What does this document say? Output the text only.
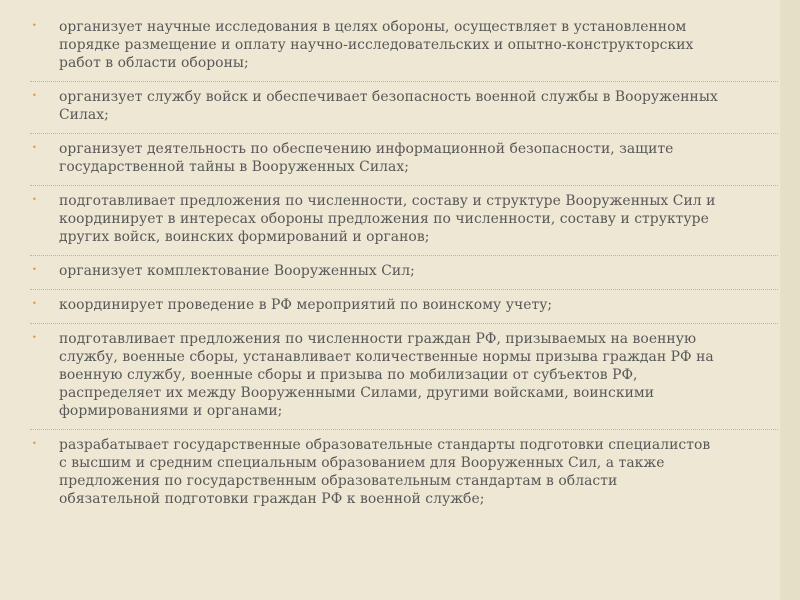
• организует научные исследования в целях обороны, осуществляет в установленном
порядке размещение и оплату научно-исследовательских и опытно-конструкторских
работ в области обороны;
• организует службу войск и обеспечивает безопасность военной службы в Вооруженных
Силах;
• организует деятельность по обеспечению информационной безопасности, защите
государственной тайны в Вооруженных Силах;
• подготавливает предложения по численности, составу и структуре Вооруженных Сил и
координирует в интересах обороны предложения по численности, составу и структуре
других войск, воинских формирований и органов;
• организует комплектование Вооруженных Сил;
• координирует проведение в РФ мероприятий по воинскому учету;
• подготавливает предложения по численности граждан РФ, призываемых на военную
службу, военные сборы, устанавливает количественные нормы призыва граждан РФ на
военную службу, военные сборы и призыва по мобилизации от субъектов РФ,
распределяет их между Вооруженными Силами, другими войсками, воинскими
формированиями и органами;
• разрабатывает государственные образовательные стандарты подготовки специалистов
с высшим и средним специальным образованием для Вооруженных Сил, а также
предложения по государственным образовательным стандартам в области
обязательной подготовки граждан РФ к военной службе;
